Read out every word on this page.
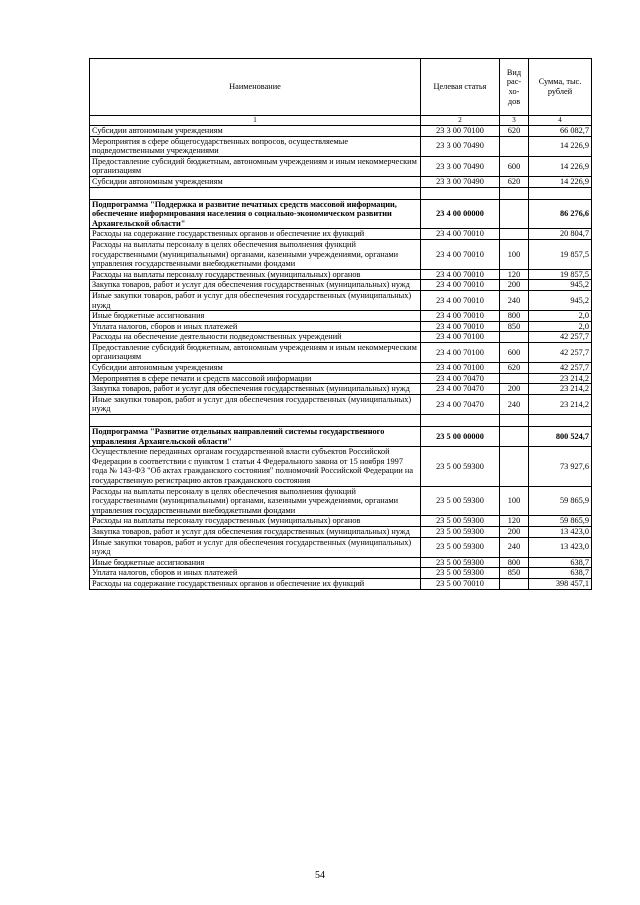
Наименование	Целевая статья	Вид рас- хо- дов	Сумма, тыс. рублей
1	2	3	4
Субсидии автономным учреждениям	23 3 00 70100	620	66 082,7
Мероприятия в сфере общегосударственных вопросов, осуществляемые подведомственными учреждениями	23 3 00 70490		14 226,9
Предоставление субсидий бюджетным, автономным учреждениям и иным некоммерческим организациям	23 3 00 70490	600	14 226,9
Субсидии автономным учреждениям	23 3 00 70490	620	14 226,9

Подпрограмма "Поддержка и развитие печатных средств массовой информации, обеспечение информирования населения о социально-экономическом развитии Архангельской области"	23 4 00 00000		86 276,6
Расходы на содержание государственных органов и обеспечение их функций	23 4 00 70010		20 804,7
Расходы на выплаты персоналу в целях обеспечения выполнения функций государственными (муниципальными) органами, казенными учреждениями, органами управления государственными внебюджетными фондами	23 4 00 70010	100	19 857,5
Расходы на выплаты персоналу государственных (муниципальных) органов	23 4 00 70010	120	19 857,5
Закупка товаров, работ и услуг для обеспечения государственных (муниципальных) нужд	23 4 00 70010	200	945,2
Иные закупки товаров, работ и услуг для обеспечения государственных (муниципальных) нужд	23 4 00 70010	240	945,2
Иные бюджетные ассигнования	23 4 00 70010	800	2,0
Уплата налогов, сборов и иных платежей	23 4 00 70010	850	2,0
Расходы на обеспечение деятельности подведомственных учреждений	23 4 00 70100		42 257,7
Предоставление субсидий бюджетным, автономным учреждениям и иным некоммерческим организациям	23 4 00 70100	600	42 257,7
Субсидии автономным учреждениям	23 4 00 70100	620	42 257,7
Мероприятия в сфере печати и средств массовой информации	23 4 00 70470		23 214,2
Закупка товаров, работ и услуг для обеспечения государственных (муниципальных) нужд	23 4 00 70470	200	23 214,2
Иные закупки товаров, работ и услуг для обеспечения государственных (муниципальных) нужд	23 4 00 70470	240	23 214,2

Подпрограмма "Развитие отдельных направлений системы государственного управления Архангельской области"	23 5 00 00000		800 524,7
Осуществление переданных органам государственной власти субъектов Российской Федерации в соответствии с пунктом 1 статьи 4 Федерального закона от 15 ноября 1997 года № 143-ФЗ "Об актах гражданского состояния" полномочий Российской Федерации на государственную регистрацию актов гражданского состояния	23 5 00 59300		73 927,6
Расходы на выплаты персоналу в целях обеспечения выполнения функций государственными (муниципальными) органами, казенными учреждениями, органами управления государственными внебюджетными фондами	23 5 00 59300	100	59 865,9
Расходы на выплаты персоналу государственных (муниципальных) органов	23 5 00 59300	120	59 865,9
Закупка товаров, работ и услуг для обеспечения государственных (муниципальных) нужд	23 5 00 59300	200	13 423,0
Иные закупки товаров, работ и услуг для обеспечения государственных (муниципальных) нужд	23 5 00 59300	240	13 423,0
Иные бюджетные ассигнования	23 5 00 59300	800	638,7
Уплата налогов, сборов и иных платежей	23 5 00 59300	850	638,7
Расходы на содержание государственных органов и обеспечение их функций	23 5 00 70010		398 457,1
54
